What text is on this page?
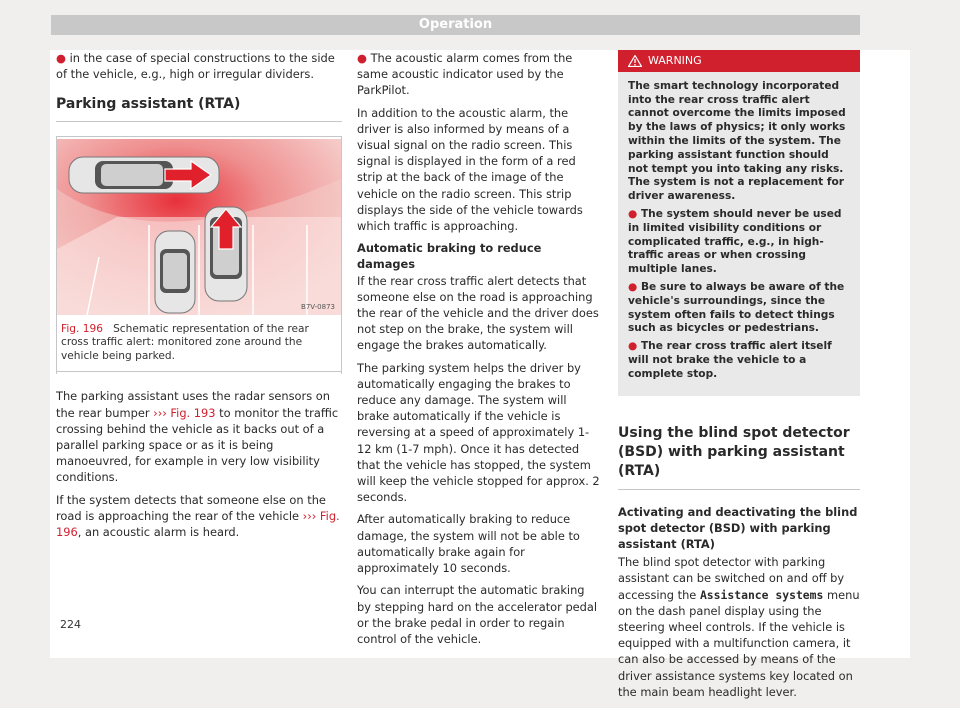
Operation

● in the case of special constructions to the side of the vehicle, e.g., high or irregular dividers.

Parking assistant (RTA)
B7V-0873
Fig. 196 Schematic representation of the rear cross traffic alert: monitored zone around the vehicle being parked.

The parking assistant uses the radar sensors on the rear bumper ››› Fig. 193 to monitor the traffic crossing behind the vehicle as it backs out of a parallel parking space or as it is being manoeuvred, for example in very low visibility conditions.

If the system detects that someone else on the road is approaching the rear of the vehicle ››› Fig. 196, an acoustic alarm is heard.

● The acoustic alarm comes from the same acoustic indicator used by the ParkPilot.

In addition to the acoustic alarm, the driver is also informed by means of a visual signal on the radio screen. This signal is displayed in the form of a red strip at the back of the image of the vehicle on the radio screen. This strip displays the side of the vehicle towards which traffic is approaching.

Automatic braking to reduce damages

If the rear cross traffic alert detects that someone else on the road is approaching the rear of the vehicle and the driver does not step on the brake, the system will engage the brakes automatically.

The parking system helps the driver by automatically engaging the brakes to reduce any damage. The system will brake automatically if the vehicle is reversing at a speed of approximately 1-12 km (1-7 mph). Once it has detected that the vehicle has stopped, the system will keep the vehicle stopped for approx. 2 seconds.

After automatically braking to reduce damage, the system will not be able to automatically brake again for approximately 10 seconds.

You can interrupt the automatic braking by stepping hard on the accelerator pedal or the brake pedal in order to regain control of the vehicle.

WARNING

The smart technology incorporated into the rear cross traffic alert cannot overcome the limits imposed by the laws of physics; it only works within the limits of the system. The parking assistant function should not tempt you into taking any risks. The system is not a replacement for driver awareness.

● The system should never be used in limited visibility conditions or complicated traffic, e.g., in high-traffic areas or when crossing multiple lanes.

● Be sure to always be aware of the vehicle's surroundings, since the system often fails to detect things such as bicycles or pedestrians.

● The rear cross traffic alert itself will not brake the vehicle to a complete stop.

Using the blind spot detector (BSD) with parking assistant (RTA)

Activating and deactivating the blind spot detector (BSD) with parking assistant (RTA)

The blind spot detector with parking assistant can be switched on and off by accessing the Assistance systems menu on the dash panel display using the steering wheel controls. If the vehicle is equipped with a multifunction camera, it can also be accessed by means of the driver assistance systems key located on the main beam headlight lever.

224
